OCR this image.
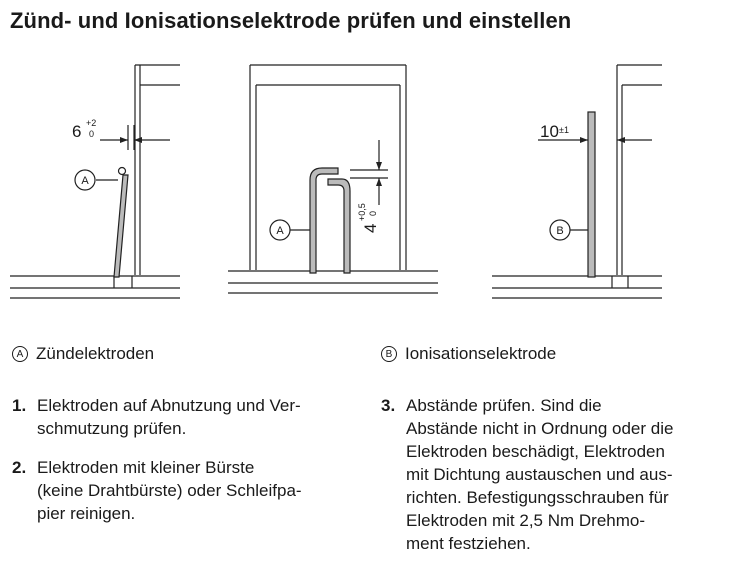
Zünd- und Ionisationselektrode prüfen und einstellen
6 +2
0
A
4
+0,5 0
A
10 ±1
B
A Zündelektroden	B Ionisationselektrode
1. Elektroden auf Abnutzung und Ver-
schmutzung prüfen.
2. Elektroden mit kleiner Bürste
(keine Drahtbürste) oder Schleifpa-
pier reinigen.
3. Abstände prüfen. Sind die
Abstände nicht in Ordnung oder die
Elektroden beschädigt, Elektroden
mit Dichtung austauschen und aus-
richten. Befestigungsschrauben für
Elektroden mit 2,5 Nm Drehmo-
ment festziehen.
